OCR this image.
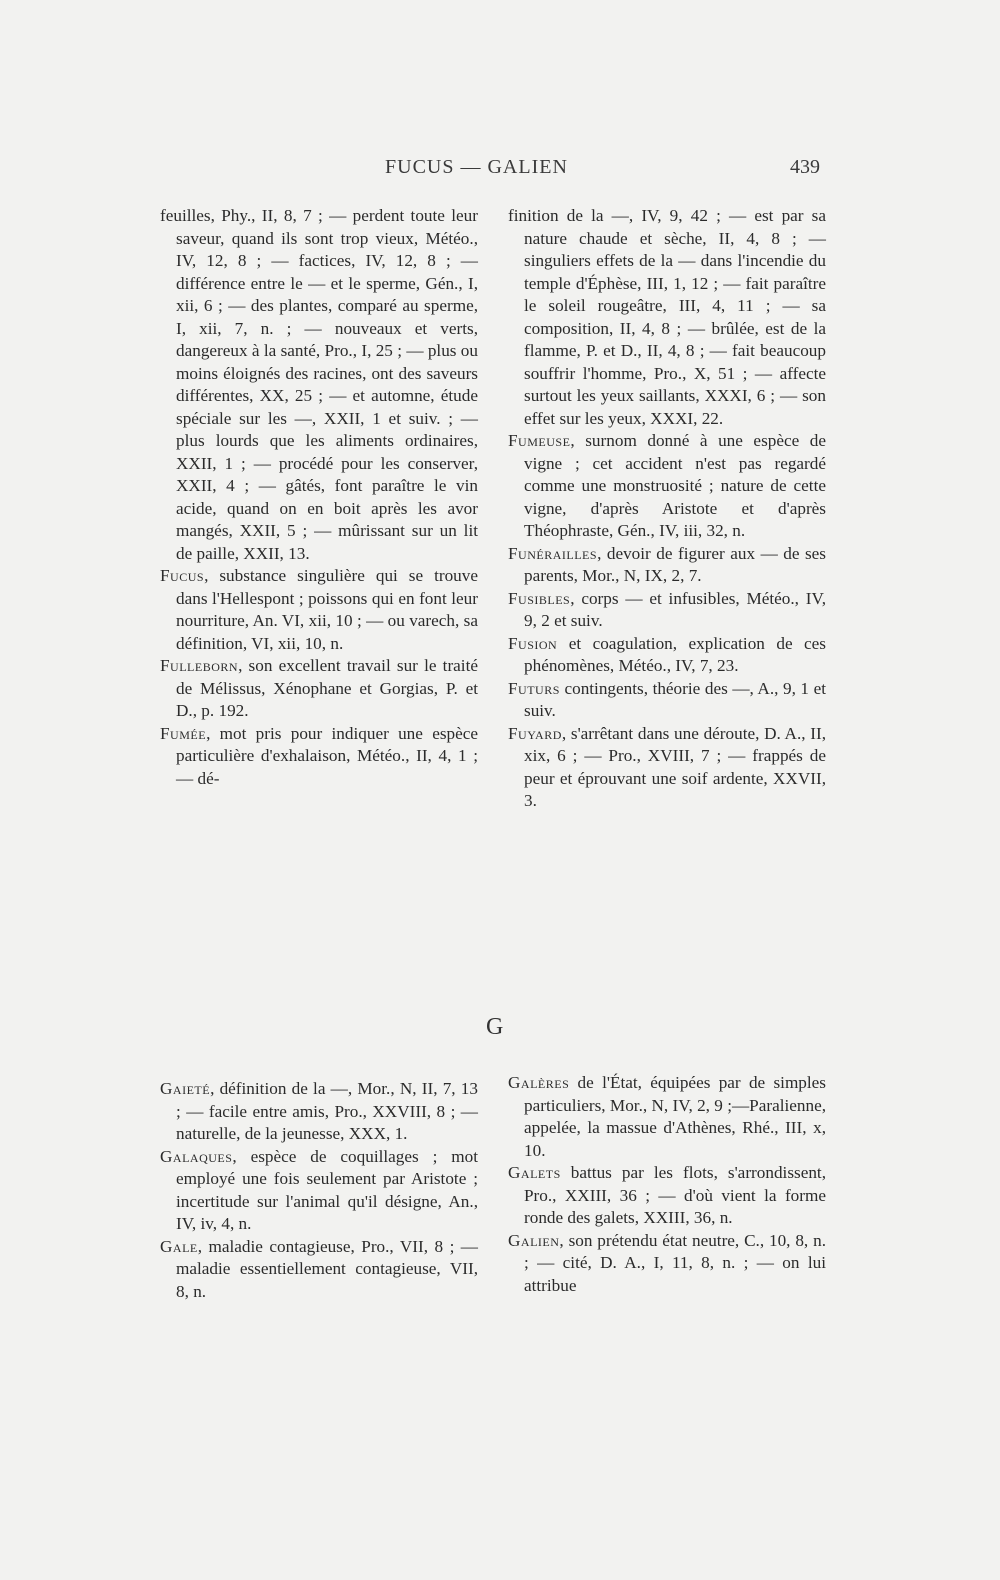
FUCUS — GALIEN	439

feuilles, Phy., II, 8, 7 ; — perdent toute leur saveur, quand ils sont trop vieux, Météo., IV, 12, 8 ; — factices, IV, 12, 8 ; — différence entre le — et le sperme, Gén., I, xii, 6 ; — des plantes, comparé au sperme, I, xii, 7, n. ; — nouveaux et verts, dangereux à la santé, Pro., I, 25 ; — plus ou moins éloignés des racines, ont des saveurs différentes, XX, 25 ; — et automne, étude spéciale sur les —, XXII, 1 et suiv. ; — plus lourds que les aliments ordinaires, XXII, 1 ; — procédé pour les conserver, XXII, 4 ; — gâtés, font paraître le vin acide, quand on en boit après les avor mangés, XXII, 5 ; — mûrissant sur un lit de paille, XXII, 13.

Fucus, substance singulière qui se trouve dans l'Hellespont ; poissons qui en font leur nourriture, An. VI, xii, 10 ; — ou varech, sa définition, VI, xii, 10, n.

Fulleborn, son excellent travail sur le traité de Mélissus, Xénophane et Gorgias, P. et D., p. 192.

Fumée, mot pris pour indiquer une espèce particulière d'exhalaison, Météo., II, 4, 1 ; — dé-

finition de la —, IV, 9, 42 ; — est par sa nature chaude et sèche, II, 4, 8 ; — singuliers effets de la — dans l'incendie du temple d'Éphèse, III, 1, 12 ; — fait paraître le soleil rougeâtre, III, 4, 11 ; — sa composition, II, 4, 8 ; — brûlée, est de la flamme, P. et D., II, 4, 8 ; — fait beaucoup souffrir l'homme, Pro., X, 51 ; — affecte surtout les yeux saillants, XXXI, 6 ; — son effet sur les yeux, XXXI, 22.

Fumeuse, surnom donné à une espèce de vigne ; cet accident n'est pas regardé comme une monstruosité ; nature de cette vigne, d'après Aristote et d'après Théophraste, Gén., IV, iii, 32, n.

Funérailles, devoir de figurer aux — de ses parents, Mor., N, IX, 2, 7.

Fusibles, corps — et infusibles, Météo., IV, 9, 2 et suiv.

Fusion et coagulation, explication de ces phénomènes, Météo., IV, 7, 23.

Futurs contingents, théorie des —, A., 9, 1 et suiv.

Fuyard, s'arrêtant dans une déroute, D. A., II, xix, 6 ; — Pro., XVIII, 7 ; — frappés de peur et éprouvant une soif ardente, XXVII, 3.

G

Gaieté, définition de la —, Mor., N, II, 7, 13 ; — facile entre amis, Pro., XXVIII, 8 ; — naturelle, de la jeunesse, XXX, 1.

Galaques, espèce de coquillages ; mot employé une fois seulement par Aristote ; incertitude sur l'animal qu'il désigne, An., IV, iv, 4, n.

Gale, maladie contagieuse, Pro., VII, 8 ; — maladie essentiellement contagieuse, VII, 8, n.

Galères de l'État, équipées par de simples particuliers, Mor., N, IV, 2, 9 ;—Paralienne, appelée, la massue d'Athènes, Rhé., III, x, 10.

Galets battus par les flots, s'arrondissent, Pro., XXIII, 36 ; — d'où vient la forme ronde des galets, XXIII, 36, n.

Galien, son prétendu état neutre, C., 10, 8, n. ; — cité, D. A., I, 11, 8, n. ; — on lui attribue
